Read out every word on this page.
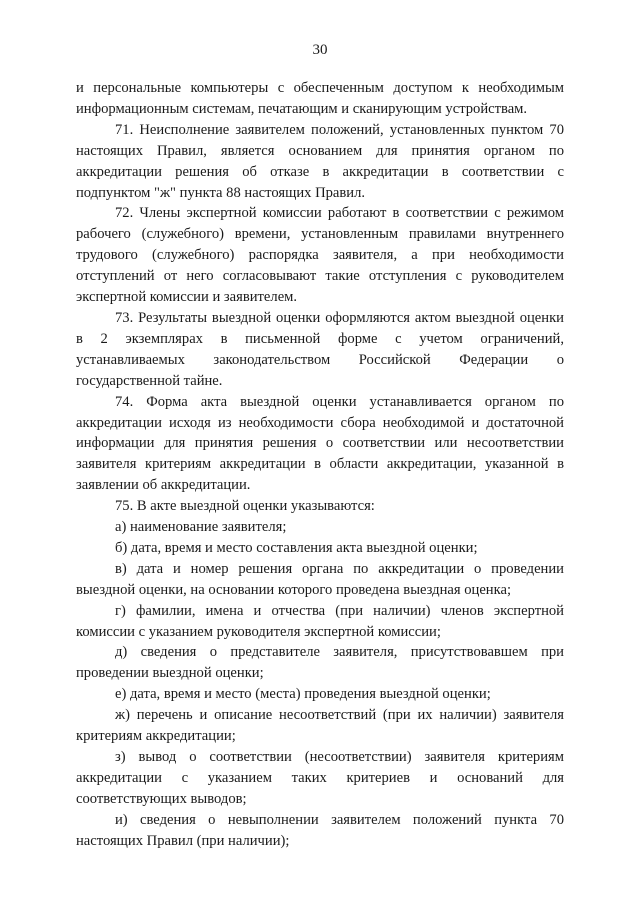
30

и персональные компьютеры с обеспеченным доступом к необходимым информационным системам, печатающим и сканирующим устройствам.

71. Неисполнение заявителем положений, установленных пунктом 70 настоящих Правил, является основанием для принятия органом по аккредитации решения об отказе в аккредитации в соответствии с подпунктом "ж" пункта 88 настоящих Правил.

72. Члены экспертной комиссии работают в соответствии с режимом рабочего (служебного) времени, установленным правилами внутреннего трудового (служебного) распорядка заявителя, а при необходимости отступлений от него согласовывают такие отступления с руководителем экспертной комиссии и заявителем.

73. Результаты выездной оценки оформляются актом выездной оценки в 2 экземплярах в письменной форме с учетом ограничений, устанавливаемых законодательством Российской Федерации о государственной тайне.

74. Форма акта выездной оценки устанавливается органом по аккредитации исходя из необходимости сбора необходимой и достаточной информации для принятия решения о соответствии или несоответствии заявителя критериям аккредитации в области аккредитации, указанной в заявлении об аккредитации.

75. В акте выездной оценки указываются:

а) наименование заявителя;

б) дата, время и место составления акта выездной оценки;

в) дата и номер решения органа по аккредитации о проведении выездной оценки, на основании которого проведена выездная оценка;

г) фамилии, имена и отчества (при наличии) членов экспертной комиссии с указанием руководителя экспертной комиссии;

д) сведения о представителе заявителя, присутствовавшем при проведении выездной оценки;

е) дата, время и место (места) проведения выездной оценки;

ж) перечень и описание несоответствий (при их наличии) заявителя критериям аккредитации;

з) вывод о соответствии (несоответствии) заявителя критериям аккредитации с указанием таких критериев и оснований для соответствующих выводов;

и) сведения о невыполнении заявителем положений пункта 70 настоящих Правил (при наличии);
